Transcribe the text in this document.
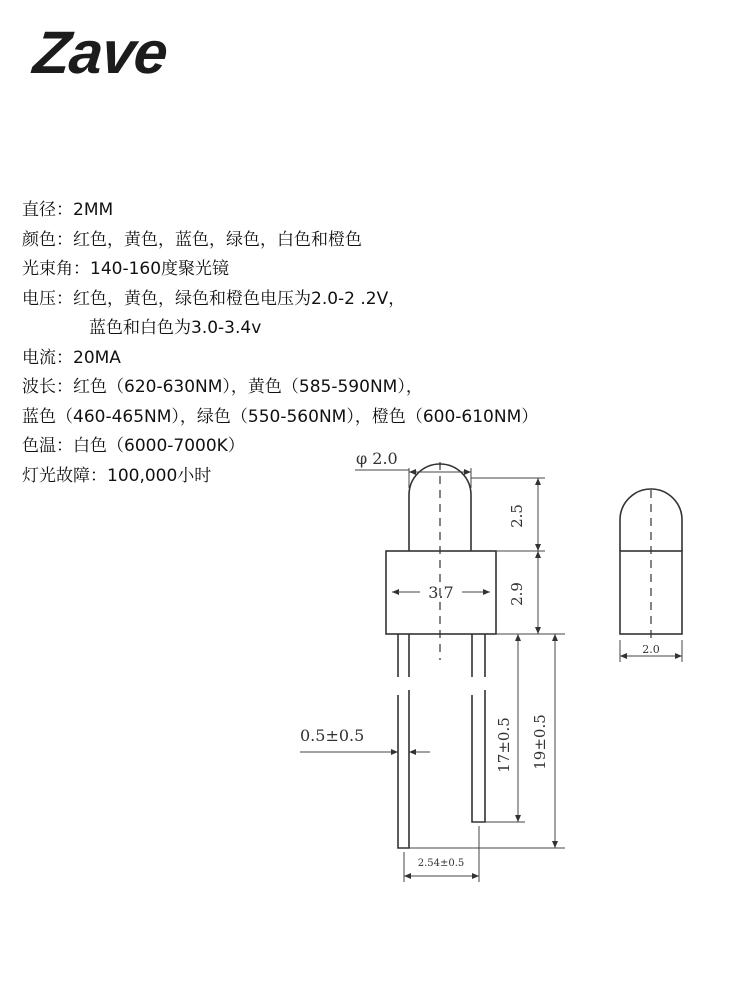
Zave
直径：2MM
颜色：红色，黄色，蓝色，绿色，白色和橙色
光束角：140-160度聚光镜
电压：红色，黄色，绿色和橙色电压为2.0-2 .2V，
蓝色和白色为3.0-3.4v
电流：20MA
波长：红色（620-630NM），黄色（585-590NM），
蓝色（460-465NM），绿色（550-560NM），橙色（600-610NM）
色温：白色（6000-7000K）
灯光故障：100,000小时
φ 2.0
2.5
3.7	2.9
0.5±0.5	17±0.5 19±0.5
2.54±0.5
2.0
